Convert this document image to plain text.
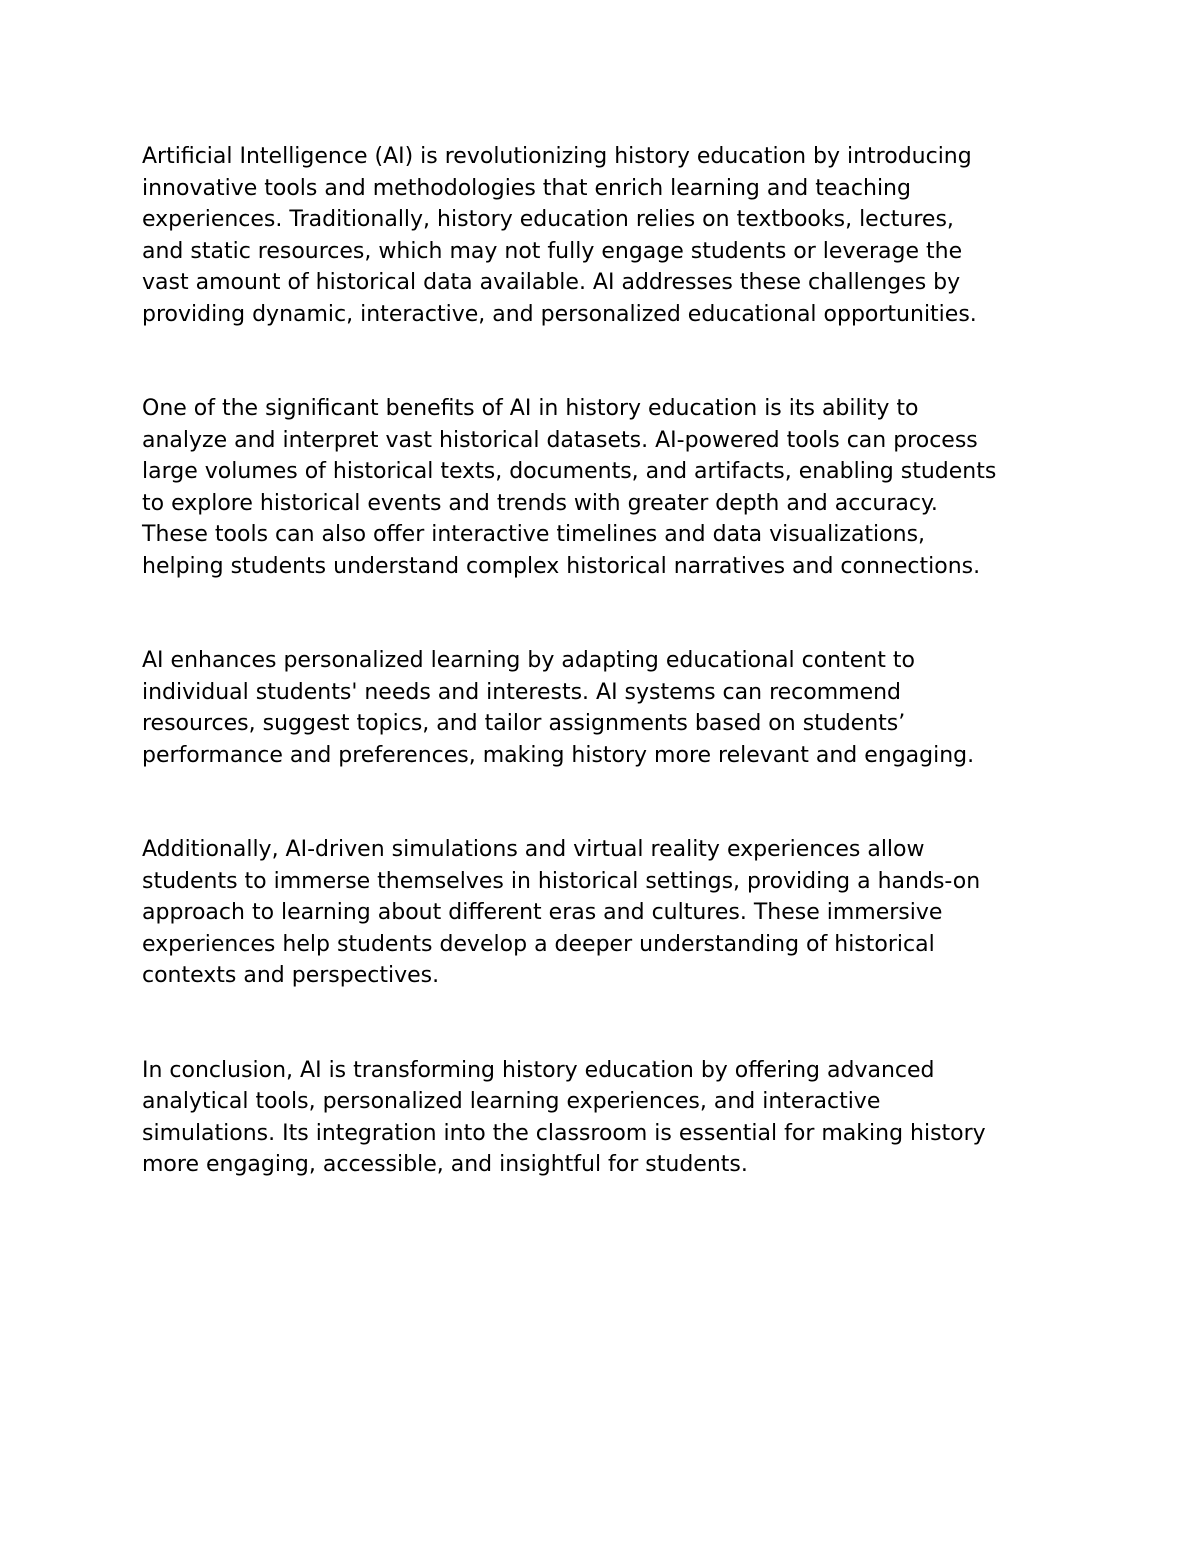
Artificial Intelligence (AI) is revolutionizing history education by introducing
innovative tools and methodologies that enrich learning and teaching
experiences. Traditionally, history education relies on textbooks, lectures,
and static resources, which may not fully engage students or leverage the
vast amount of historical data available. AI addresses these challenges by
providing dynamic, interactive, and personalized educational opportunities.

One of the significant benefits of AI in history education is its ability to
analyze and interpret vast historical datasets. AI-powered tools can process
large volumes of historical texts, documents, and artifacts, enabling students
to explore historical events and trends with greater depth and accuracy.
These tools can also offer interactive timelines and data visualizations,
helping students understand complex historical narratives and connections.

AI enhances personalized learning by adapting educational content to
individual students' needs and interests. AI systems can recommend
resources, suggest topics, and tailor assignments based on students’
performance and preferences, making history more relevant and engaging.

Additionally, AI-driven simulations and virtual reality experiences allow
students to immerse themselves in historical settings, providing a hands-on
approach to learning about different eras and cultures. These immersive
experiences help students develop a deeper understanding of historical
contexts and perspectives.

In conclusion, AI is transforming history education by offering advanced
analytical tools, personalized learning experiences, and interactive
simulations. Its integration into the classroom is essential for making history
more engaging, accessible, and insightful for students.
